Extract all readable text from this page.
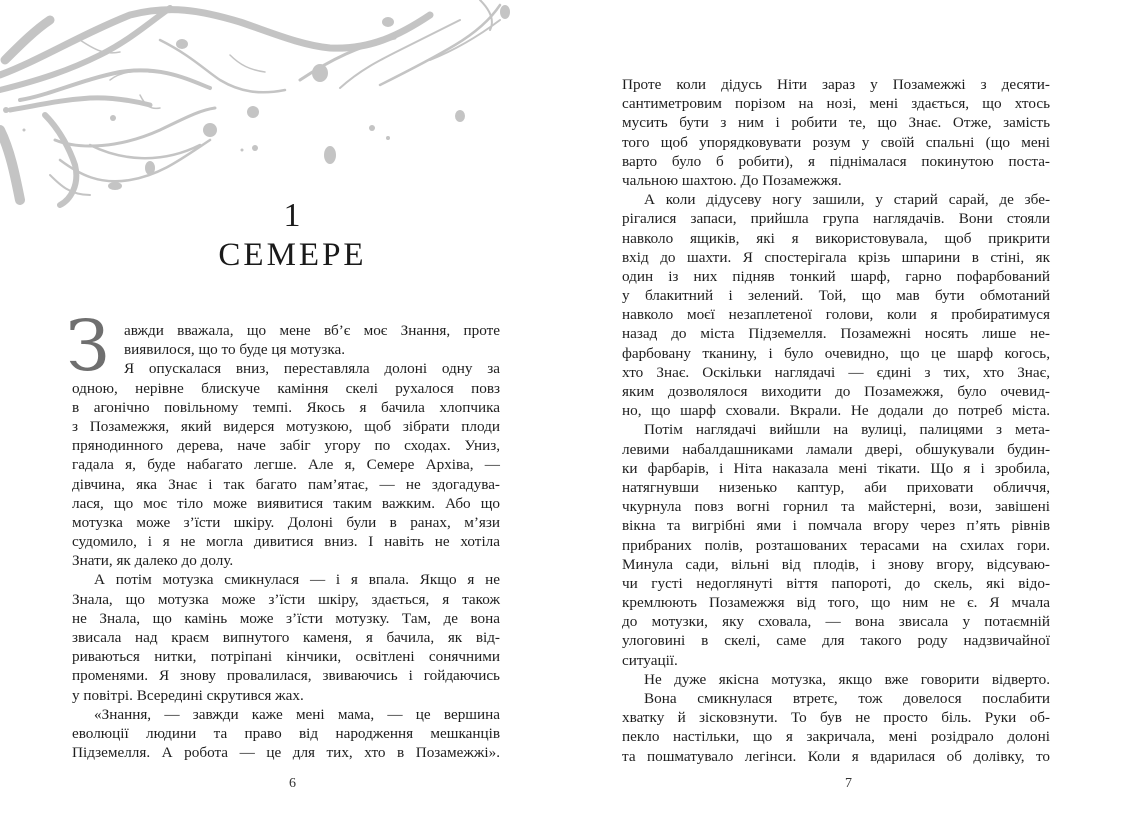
1
СЕМЕРЕ
З авжди вважала, що мене вб’є моє Знання, проте
виявилося, що то буде ця мотузка.
Я опускалася вниз, переставляла долоні одну за
одною, нерівне блискуче каміння скелі рухалося повз
в агонічно повільному темпі. Якось я бачила хлопчика
з Позамежжя, який видерся мотузкою, щоб зібрати плоди
прянодинного дерева, наче забіг угору по сходах. Униз,
гадала я, буде набагато легше. Але я, Семере Архіва, —
дівчина, яка Знає і так багато пам’ятає, — не здогадува-
лася, що моє тіло може виявитися таким важким. Або що
мотузка може з’їсти шкіру. Долоні були в ранах, м’язи
судомило, і я не могла дивитися вниз. І навіть не хотіла
Знати, як далеко до долу.
А потім мотузка смикнулася — і я впала. Якщо я не
Знала, що мотузка може з’їсти шкіру, здається, я також
не Знала, що камінь може з’їсти мотузку. Там, де вона
звисала над краєм випнутого каменя, я бачила, як від-
риваються нитки, потріпані кінчики, освітлені сонячними
променями. Я знову провалилася, звиваючись і гойдаючись
у повітрі. Всередині скрутився жах.
«Знання, — завжди каже мені мама, — це вершина
еволюції людини та право від народження мешканців
Підземелля. А робота — це для тих, хто в Позамежжі».
6
Проте коли дідусь Ніти зараз у Позамежжі з десяти-
сантиметровим порізом на нозі, мені здається, що хтось
мусить бути з ним і робити те, що Знає. Отже, замість
того щоб упорядковувати розум у своїй спальні (що мені
варто було б робити), я піднімалася покинутою поста-
чальною шахтою. До Позамежжя.
А коли дідусеву ногу зашили, у старий сарай, де збе-
рігалися запаси, прийшла група наглядачів. Вони стояли
навколо ящиків, які я використовувала, щоб прикрити
вхід до шахти. Я спостерігала крізь шпарини в стіні, як
один із них підняв тонкий шарф, гарно пофарбований
у блакитний і зелений. Той, що мав бути обмотаний
навколо моєї незаплетеної голови, коли я пробиратимуся
назад до міста Підземелля. Позамежні носять лише не-
фарбовану тканину, і було очевидно, що це шарф когось,
хто Знає. Оскільки наглядачі — єдині з тих, хто Знає,
яким дозволялося виходити до Позамежжя, було очевид-
но, що шарф сховали. Вкрали. Не додали до потреб міста.
Потім наглядачі вийшли на вулиці, палицями з мета-
левими набалдашниками ламали двері, обшукували будин-
ки фарбарів, і Ніта наказала мені тікати. Що я і зробила,
натягнувши низенько каптур, аби приховати обличчя,
чкурнула повз вогні горнил та майстерні, вози, завішені
вікна та вигрібні ями і помчала вгору через п’ять рівнів
прибраних полів, розташованих терасами на схилах гори.
Минула сади, вільні від плодів, і знову вгору, відсуваю-
чи густі недоглянуті віття папороті, до скель, які відо-
кремлюють Позамежжя від того, що ним не є. Я мчала
до мотузки, яку сховала, — вона звисала у потаємній
улоговині в скелі, саме для такого роду надзвичайної
ситуації.
Не дуже якісна мотузка, якщо вже говорити відверто.
Вона смикнулася втретє, тож довелося послабити
хватку й зісковзнути. То був не просто біль. Руки об-
пекло настільки, що я закричала, мені розідрало долоні
та пошматувало легінси. Коли я вдарилася об долівку, то
7
